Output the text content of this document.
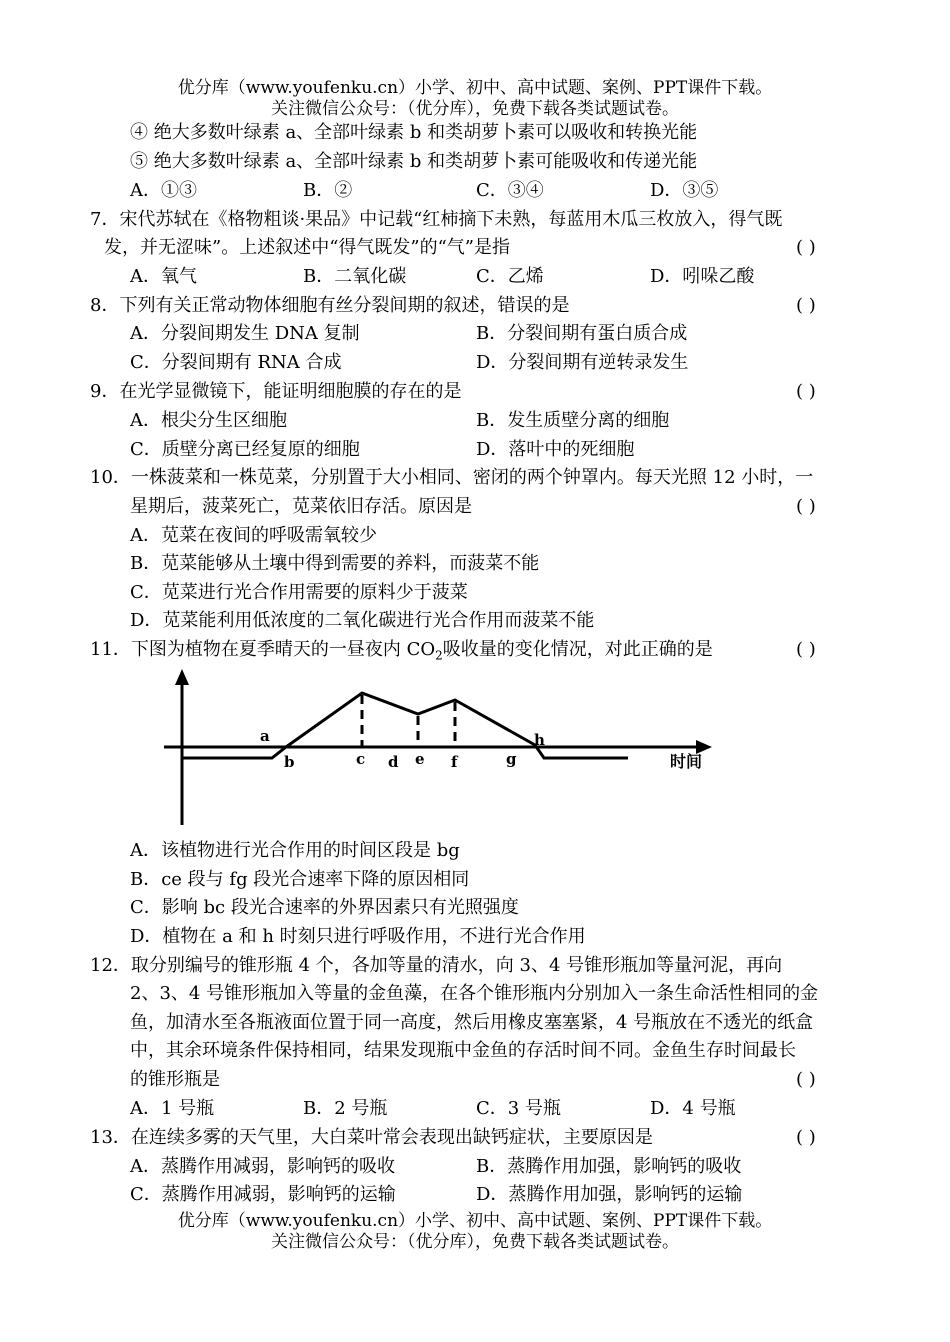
优分库（www.youfenku.cn）小学、初中、高中试题、案例、PPT课件下载。
关注微信公众号：（优分库），免费下载各类试题试卷。
④ 绝大多数叶绿素 a、全部叶绿素 b 和类胡萝卜素可以吸收和转换光能
⑤ 绝大多数叶绿素 a、全部叶绿素 b 和类胡萝卜素可能吸收和传递光能
A．①③	B．②	C．③④	D．③⑤
7．宋代苏轼在《格物粗谈·果品》中记载“红柿摘下未熟，每蓝用木瓜三枚放入，得气既
发，并无涩味”。上述叙述中“得气既发”的“气”是指	( )
A．氧气	B．二氧化碳	C．乙烯	D．吲哚乙酸
8．下列有关正常动物体细胞有丝分裂间期的叙述，错误的是	( )
A．分裂间期发生 DNA 复制	B．分裂间期有蛋白质合成
C．分裂间期有 RNA 合成	D．分裂间期有逆转录发生
9．在光学显微镜下，能证明细胞膜的存在的是	( )
A．根尖分生区细胞	B．发生质壁分离的细胞
C．质壁分离已经复原的细胞	D．落叶中的死细胞
10．一株菠菜和一株苋菜，分别置于大小相同、密闭的两个钟罩内。每天光照 12 小时，一
星期后，菠菜死亡，苋菜依旧存活。原因是	( )
A．苋菜在夜间的呼吸需氧较少
B．苋菜能够从土壤中得到需要的养料，而菠菜不能
C．苋菜进行光合作用需要的原料少于菠菜
D．苋菜能利用低浓度的二氧化碳进行光合作用而菠菜不能
11．下图为植物在夏季晴天的一昼夜内 $CO_2$吸收量的变化情况，对此正确的是	( )
a
b	c d e f	g
h
时间
A．该植物进行光合作用的时间区段是 bg
B．ce 段与 fg 段光合速率下降的原因相同
C．影响 bc 段光合速率的外界因素只有光照强度
D．植物在 a 和 h 时刻只进行呼吸作用，不进行光合作用
12．取分别编号的锥形瓶 4 个，各加等量的清水，向 3、4 号锥形瓶加等量河泥，再向
2、3、4 号锥形瓶加入等量的金鱼藻，在各个锥形瓶内分别加入一条生命活性相同的金
鱼，加清水至各瓶液面位置于同一高度，然后用橡皮塞塞紧，4 号瓶放在不透光的纸盒
中，其余环境条件保持相同，结果发现瓶中金鱼的存活时间不同。金鱼生存时间最长
的锥形瓶是	( )
A．1 号瓶	B．2 号瓶	C．3 号瓶	D．4 号瓶
13．在连续多雾的天气里，大白菜叶常会表现出缺钙症状，主要原因是	( )
A．蒸腾作用减弱，影响钙的吸收	B．蒸腾作用加强，影响钙的吸收
C．蒸腾作用减弱，影响钙的运输	D．蒸腾作用加强，影响钙的运输
优分库（www.youfenku.cn）小学、初中、高中试题、案例、PPT课件下载。
关注微信公众号：（优分库），免费下载各类试题试卷。
